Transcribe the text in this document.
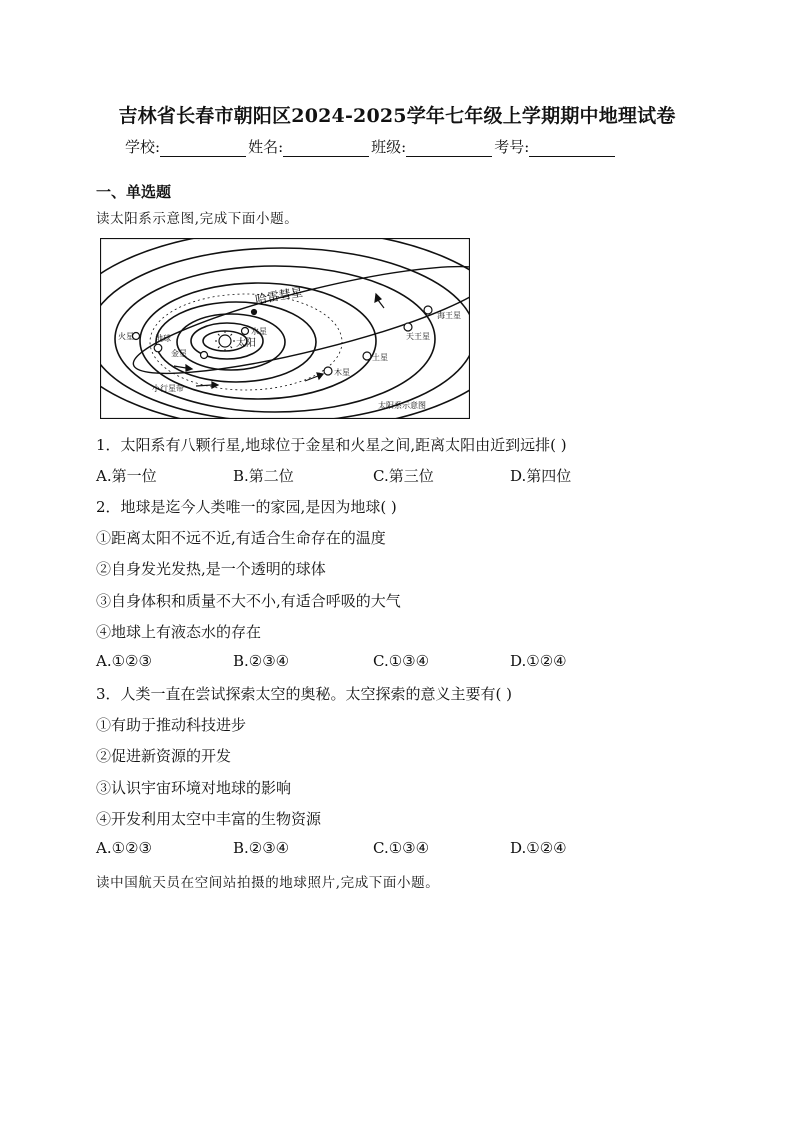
吉林省长春市朝阳区2024-2025学年七年级上学期期中地理试卷
学校:	姓名:	班级:	考号:
一、单选题
读太阳系示意图,完成下面小题。
太阳
水星
金星
地球
火星
木星
土星
天王星
海王星
小行星带
太阳系示意图
哈雷彗星
1．太阳系有八颗行星,地球位于金星和火星之间,距离太阳由近到远排( )
A.第一位	B.第二位	C.第三位	D.第四位
2．地球是迄今人类唯一的家园,是因为地球( )
①距离太阳不远不近,有适合生命存在的温度
②自身发光发热,是一个透明的球体
③自身体积和质量不大不小,有适合呼吸的大气
④地球上有液态水的存在
A.①②③	B.②③④	C.①③④	D.①②④
3．人类一直在尝试探索太空的奥秘。太空探索的意义主要有( )
①有助于推动科技进步
②促进新资源的开发
③认识宇宙环境对地球的影响
④开发利用太空中丰富的生物资源
A.①②③	B.②③④	C.①③④	D.①②④
读中国航天员在空间站拍摄的地球照片,完成下面小题。
